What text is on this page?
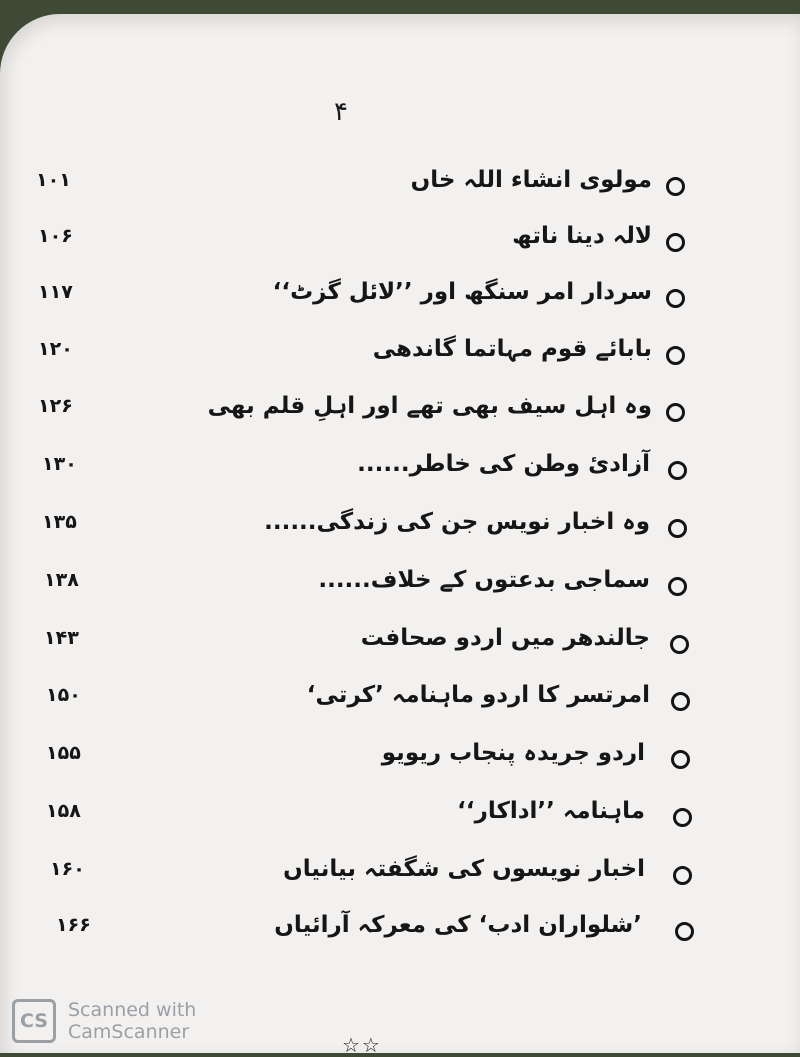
۴
۱۰۱	مولوی انشاء اللہ خاں
۱۰۶	لالہ دینا ناتھ
۱۱۷	سردار امر سنگھ اور ’’لائل گزٹ‘‘
۱۲۰	بابائے قوم مہاتما گاندھی
۱۲۶	وہ اہل سیف بھی تھے اور اہلِ قلم بھی
۱۳۰	آزادیٔ وطن کی خاطر......
۱۳۵	وہ اخبار نویس جن کی زندگی......
۱۳۸	سماجی بدعتوں کے خلاف......
۱۴۳	جالندھر میں اردو صحافت
۱۵۰	امرتسر کا اردو ماہنامہ ’کرتی‘
۱۵۵	اردو جریدہ پنجاب ریویو
۱۵۸	ماہنامہ ’’اداکار‘‘
۱۶۰	اخبار نویسوں کی شگفتہ بیانیاں
۱۶۶	’شلواران ادب‘ کی معرکہ آرائیاں
☆☆
CS	Scanned with
CamScanner
